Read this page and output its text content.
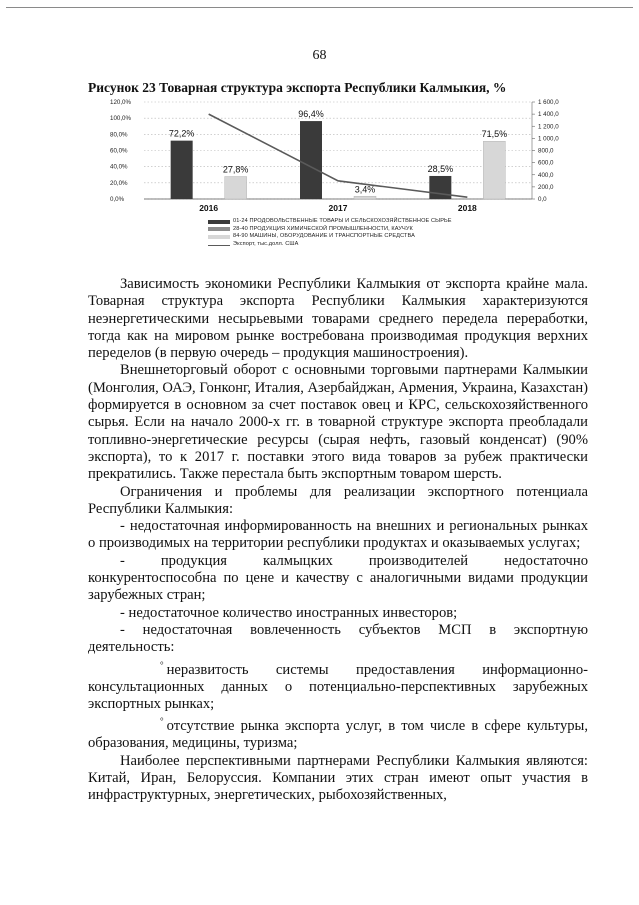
68
Рисунок 23 Товарная структура экспорта Республики Калмыкия, %
0,0%
20,0%
40,0%
60,0%
80,0%
100,0%
120,0%
0,0
200,0
400,0
600,0
800,0
1 000,0
1 200,0
1 400,0
1 600,0
72,2%
27,8%
2016
96,4%
3,4%
2017
28,5%
71,5%
2018
01-24 ПРОДОВОЛЬСТВЕННЫЕ ТОВАРЫ И СЕЛЬСКОХОЗЯЙСТВЕННОЕ СЫРЬЕ
28-40 ПРОДУКЦИЯ ХИМИЧЕСКОЙ ПРОМЫШЛЕННОСТИ, КАУЧУК
84-90 МАШИНЫ, ОБОРУДОВАНИЕ И ТРАНСПОРТНЫЕ СРЕДСТВА
Экспорт, тыс.долл. США

Зависимость экономики Республики Калмыкия от экспорта крайне мала. Товарная структура экспорта Республики Калмыкия характеризуются неэнергетическими несырьевыми товарами среднего передела переработки, тогда как на мировом рынке востребована производимая продукция верхних переделов (в первую очередь – продукция машиностроения).

Внешнеторговый оборот с основными торговыми партнерами Калмыкии (Монголия, ОАЭ, Гонконг, Италия, Азербайджан, Армения, Украина, Казахстан) формируется в основном за счет поставок овец и КРС, сельскохозяйственного сырья. Если на начало 2000-х гг. в товарной структуре экспорта преобладали топливно-энергетические ресурсы (сырая нефть, газовый конденсат) (90% экспорта), то к 2017 г. поставки этого вида товаров за рубеж практически прекратились. Также перестала быть экспортным товаром шерсть.

Ограничения и проблемы для реализации экспортного потенциала Республики Калмыкия:

- недостаточная информированность на внешних и региональных рынках о производимых на территории республики продуктах и оказываемых услугах;

- продукция калмыцких производителей недостаточно конкурентоспособна по цене и качеству с аналогичными видами продукции зарубежных стран;

- недостаточное количество иностранных инвесторов;

- недостаточная вовлеченность субъектов МСП в экспортную деятельность:

° неразвитость системы предоставления информационно-консультационных данных о потенциально-перспективных зарубежных экспортных рынках;

° отсутствие рынка экспорта услуг, в том числе в сфере культуры, образования, медицины, туризма;

Наиболее перспективными партнерами Республики Калмыкия являются: Китай, Иран, Белоруссия. Компании этих стран имеют опыт участия в инфраструктурных, энергетических, рыбохозяйственных,
